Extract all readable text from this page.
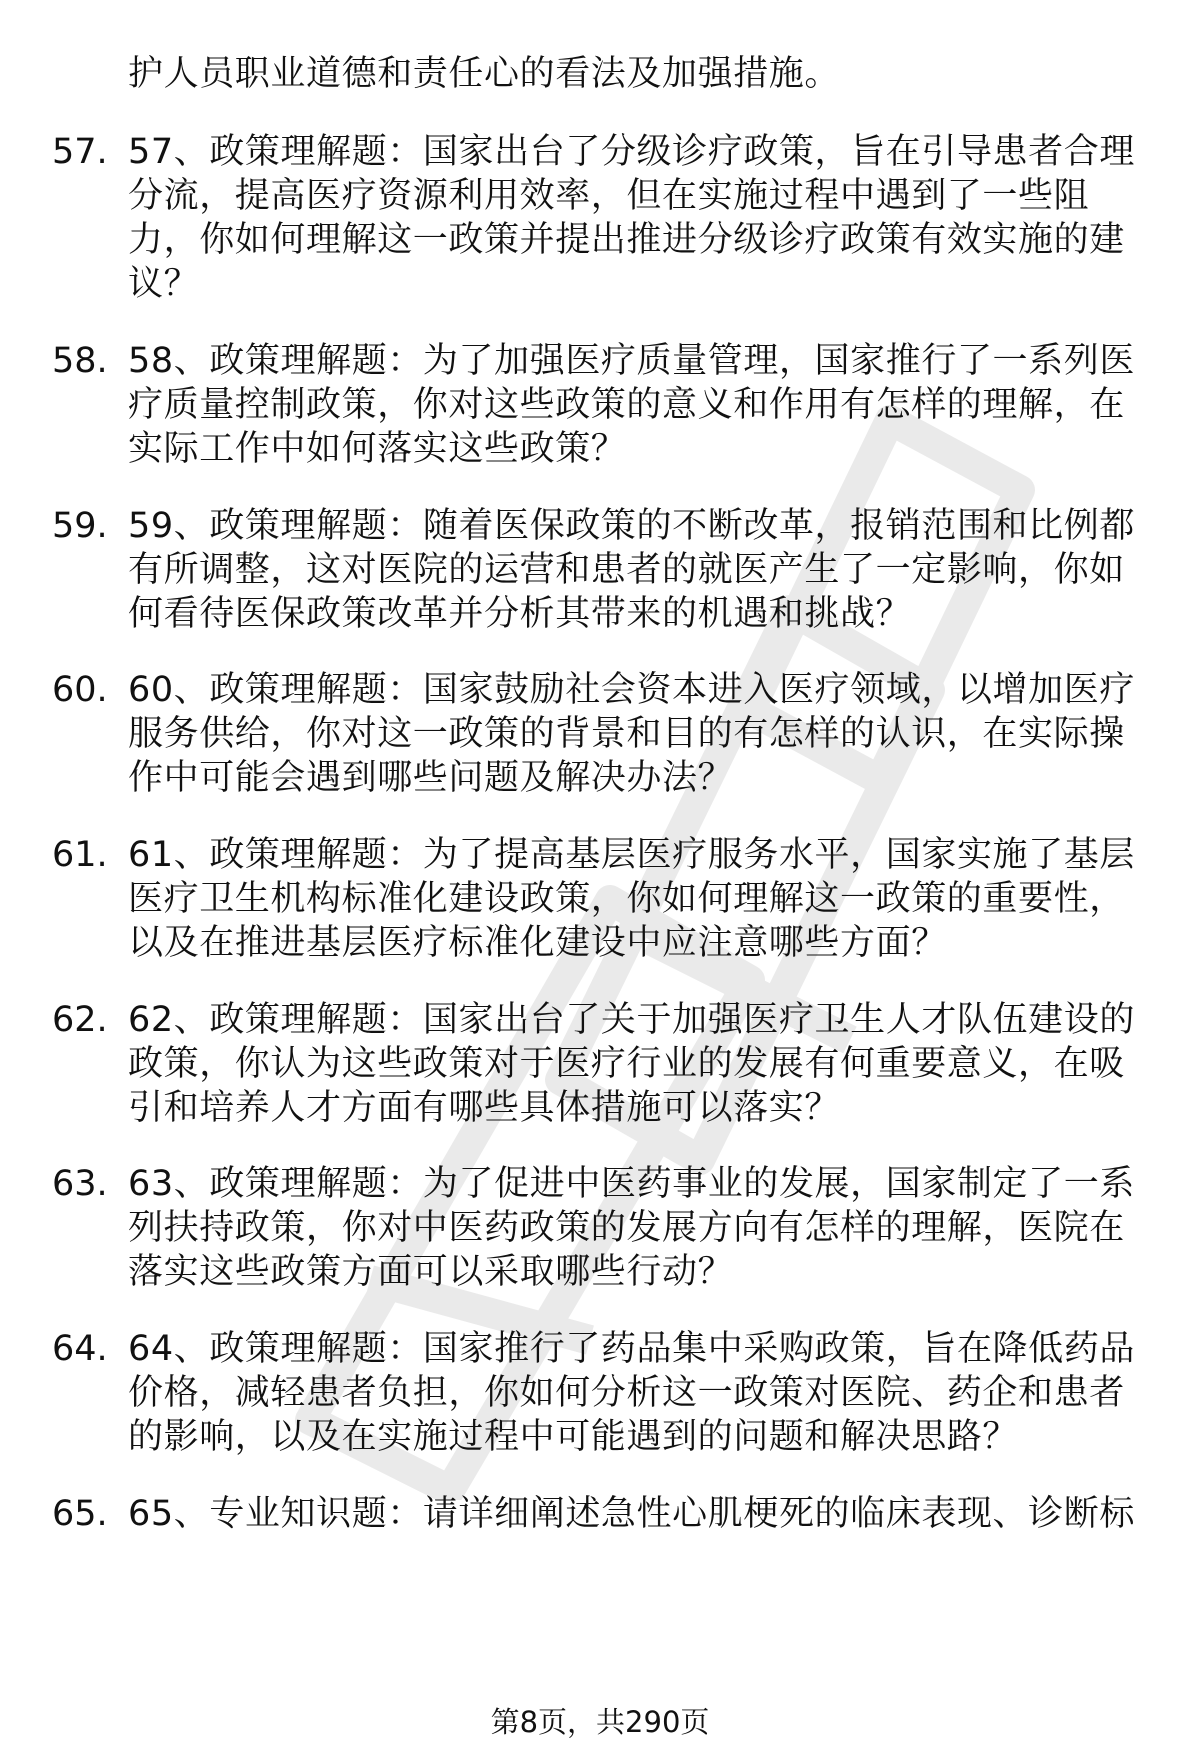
护人员职业道德和责任心的看法及加强措施。
57. 57、政策理解题：国家出台了分级诊疗政策，旨在引导患者合理
分流，提高医疗资源利用效率，但在实施过程中遇到了一些阻
力，你如何理解这一政策并提出推进分级诊疗政策有效实施的建
议？
58. 58、政策理解题：为了加强医疗质量管理，国家推行了一系列医
疗质量控制政策，你对这些政策的意义和作用有怎样的理解，在
实际工作中如何落实这些政策？
59. 59、政策理解题：随着医保政策的不断改革，报销范围和比例都
有所调整，这对医院的运营和患者的就医产生了一定影响，你如
何看待医保政策改革并分析其带来的机遇和挑战？
60. 60、政策理解题：国家鼓励社会资本进入医疗领域，以增加医疗
服务供给，你对这一政策的背景和目的有怎样的认识，在实际操
作中可能会遇到哪些问题及解决办法？
61. 61、政策理解题：为了提高基层医疗服务水平，国家实施了基层
医疗卫生机构标准化建设政策，你如何理解这一政策的重要性，
以及在推进基层医疗标准化建设中应注意哪些方面？
62. 62、政策理解题：国家出台了关于加强医疗卫生人才队伍建设的
政策，你认为这些政策对于医疗行业的发展有何重要意义，在吸
引和培养人才方面有哪些具体措施可以落实？
63. 63、政策理解题：为了促进中医药事业的发展，国家制定了一系
列扶持政策，你对中医药政策的发展方向有怎样的理解，医院在
落实这些政策方面可以采取哪些行动？
64. 64、政策理解题：国家推行了药品集中采购政策，旨在降低药品
价格，减轻患者负担，你如何分析这一政策对医院、药企和患者
的影响，以及在实施过程中可能遇到的问题和解决思路？
65. 65、专业知识题：请详细阐述急性心肌梗死的临床表现、诊断标
第8页，共290页
